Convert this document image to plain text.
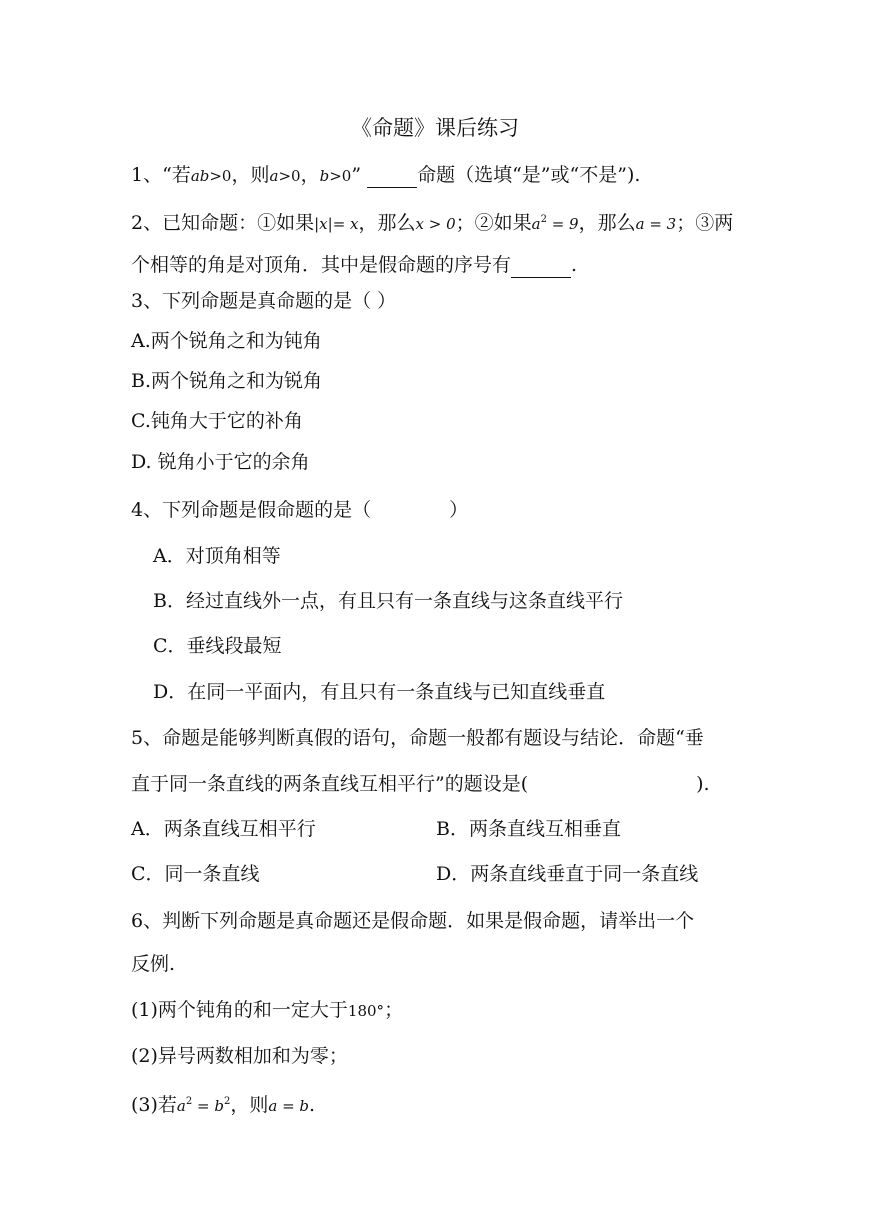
《命题》课后练习
1、“若ab>0，则a>0，b>0”	命题（选填“是”或“不是”).
2、已知命题：①如果|x|= x，那么x > 0；②如果$a^2 = 9$，那么a = 3；③两
个相等的角是对顶角．其中是假命题的序号有	.
3、下列命题是真命题的是（ ）
A.两个锐角之和为钝角
B.两个锐角之和为锐角
C.钝角大于它的补角
D. 锐角小于它的余角
4、下列命题是假命题的是（	）
A．对顶角相等
B．经过直线外一点，有且只有一条直线与这条直线平行
C．垂线段最短
D．在同一平面内，有且只有一条直线与已知直线垂直
5、命题是能够判断真假的语句，命题一般都有题设与结论．命题“垂
直于同一条直线的两条直线互相平行”的题设是(	).
A．两条直线互相平行	B．两条直线互相垂直
C．同一条直线	D．两条直线垂直于同一条直线
6、判断下列命题是真命题还是假命题．如果是假命题，请举出一个
反例.
(1)两个钝角的和一定大于180°；
(2)异号两数相加和为零；
(3)若$a^2 = b^2$，则a = b.
